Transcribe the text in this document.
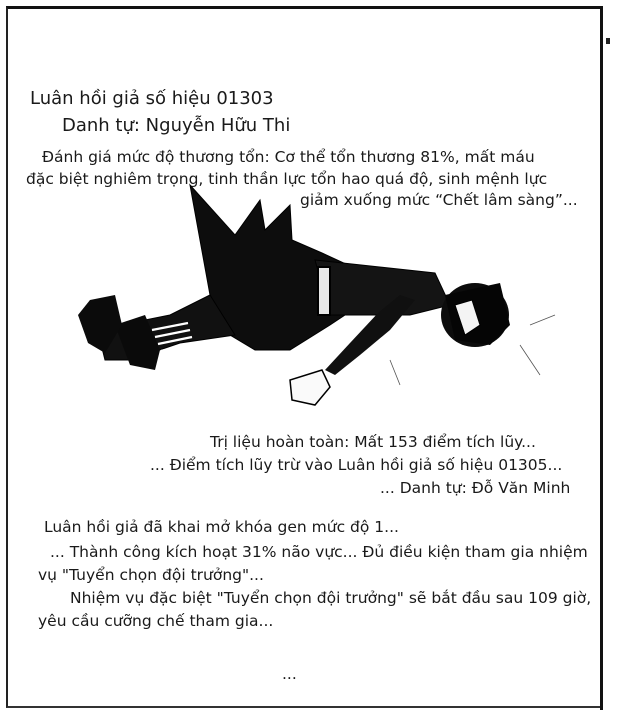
Luân hồi giả số hiệu 01303
Danh tự: Nguyễn Hữu Thi
Đánh giá mức độ thương tổn: Cơ thể tổn thương 81%, mất máu
đặc biệt nghiêm trọng, tinh thần lực tổn hao quá độ, sinh mệnh lực
giảm xuống mức “Chết lâm sàng”...
Trị liệu hoàn toàn: Mất 153 điểm tích lũy...
... Điểm tích lũy trừ vào Luân hồi giả số hiệu 01305...
... Danh tự: Đỗ Văn Minh
Luân hồi giả đã khai mở khóa gen mức độ 1...
... Thành công kích hoạt 31% não vực... Đủ điều kiện tham gia nhiệm
vụ "Tuyển chọn đội trưởng"...
Nhiệm vụ đặc biệt "Tuyển chọn đội trưởng" sẽ bắt đầu sau 109 giờ,
yêu cầu cưỡng chế tham gia...
...
